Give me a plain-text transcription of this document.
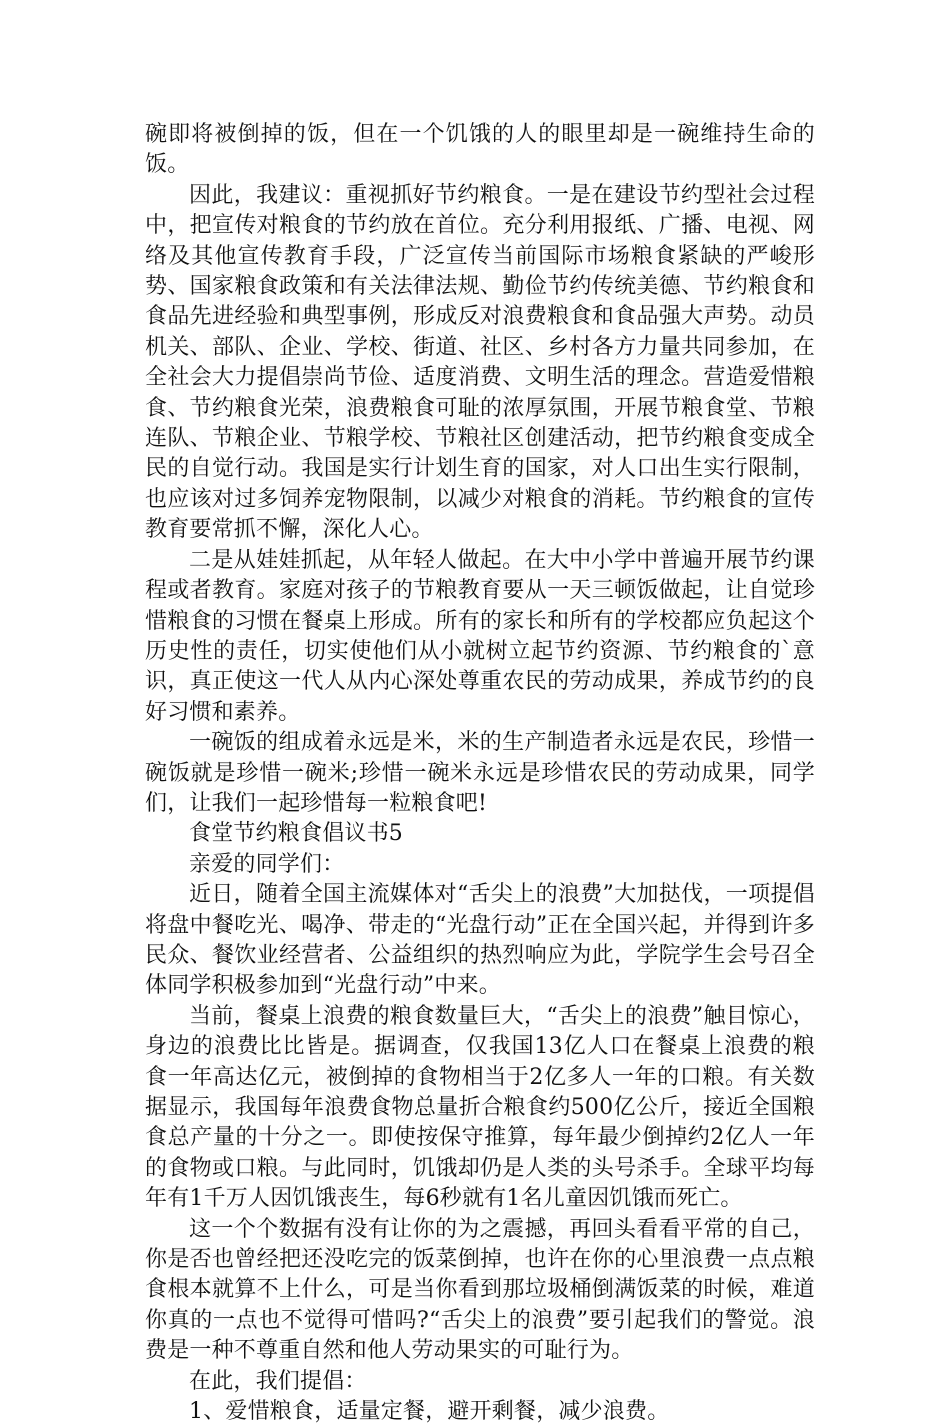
碗即将被倒掉的饭，但在一个饥饿的人的眼里却是一碗维持生命的饭。

因此，我建议：重视抓好节约粮食。一是在建设节约型社会过程中，把宣传对粮食的节约放在首位。充分利用报纸、广播、电视、网络及其他宣传教育手段，广泛宣传当前国际市场粮食紧缺的严峻形势、国家粮食政策和有关法律法规、勤俭节约传统美德、节约粮食和食品先进经验和典型事例，形成反对浪费粮食和食品强大声势。动员机关、部队、企业、学校、街道、社区、乡村各方力量共同参加，在全社会大力提倡崇尚节俭、适度消费、文明生活的理念。营造爱惜粮食、节约粮食光荣，浪费粮食可耻的浓厚氛围，开展节粮食堂、节粮连队、节粮企业、节粮学校、节粮社区创建活动，把节约粮食变成全民的自觉行动。我国是实行计划生育的国家，对人口出生实行限制，也应该对过多饲养宠物限制，以减少对粮食的消耗。节约粮食的宣传教育要常抓不懈，深化人心。

二是从娃娃抓起，从年轻人做起。在大中小学中普遍开展节约课程或者教育。家庭对孩子的节粮教育要从一天三顿饭做起，让自觉珍惜粮食的习惯在餐桌上形成。所有的家长和所有的学校都应负起这个历史性的责任，切实使他们从小就树立起节约资源、节约粮食的`意识，真正使这一代人从内心深处尊重农民的劳动成果，养成节约的良好习惯和素养。

一碗饭的组成着永远是米，米的生产制造者永远是农民，珍惜一碗饭就是珍惜一碗米;珍惜一碗米永远是珍惜农民的劳动成果，同学们，让我们一起珍惜每一粒粮食吧!

食堂节约粮食倡议书5

亲爱的同学们：

近日，随着全国主流媒体对“舌尖上的浪费”大加挞伐，一项提倡将盘中餐吃光、喝净、带走的“光盘行动”正在全国兴起，并得到许多民众、餐饮业经营者、公益组织的热烈响应为此，学院学生会号召全体同学积极参加到“光盘行动”中来。

当前，餐桌上浪费的粮食数量巨大，“舌尖上的浪费”触目惊心，身边的浪费比比皆是。据调查，仅我国13亿人口在餐桌上浪费的粮食一年高达亿元，被倒掉的食物相当于2亿多人一年的口粮。有关数据显示，我国每年浪费食物总量折合粮食约500亿公斤，接近全国粮食总产量的十分之一。即使按保守推算，每年最少倒掉约2亿人一年的食物或口粮。与此同时，饥饿却仍是人类的头号杀手。全球平均每年有1千万人因饥饿丧生，每6秒就有1名儿童因饥饿而死亡。

这一个个数据有没有让你的为之震撼，再回头看看平常的自己，你是否也曾经把还没吃完的饭菜倒掉，也许在你的心里浪费一点点粮食根本就算不上什么，可是当你看到那垃圾桶倒满饭菜的时候，难道你真的一点也不觉得可惜吗?“舌尖上的浪费”要引起我们的警觉。浪费是一种不尊重自然和他人劳动果实的可耻行为。

在此，我们提倡：

1、爱惜粮食，适量定餐，避开剩餐，减少浪费。
